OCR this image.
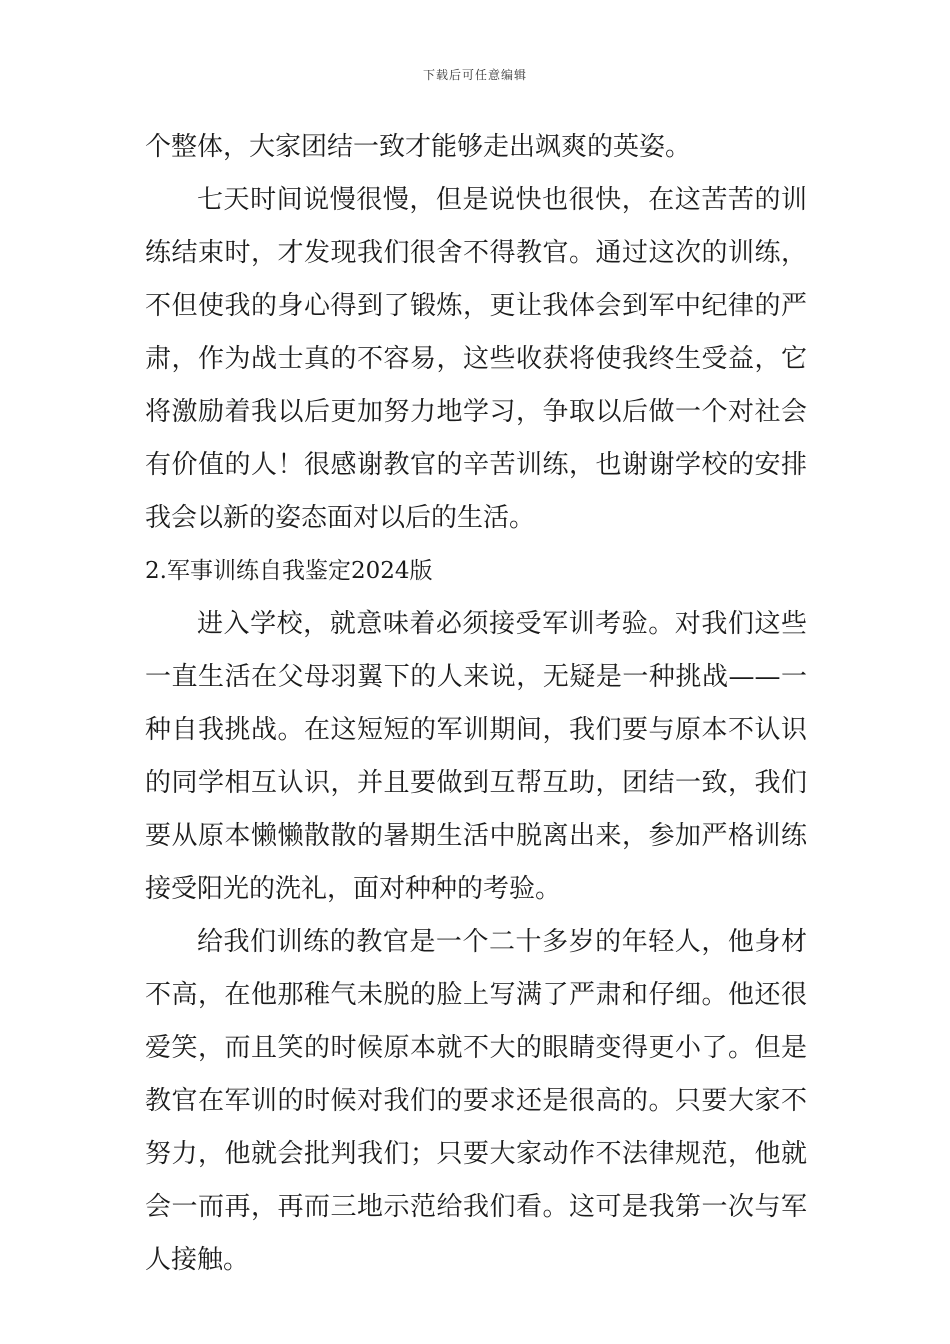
下载后可任意编辑
个整体，大家团结一致才能够走出飒爽的英姿。
七天时间说慢很慢，但是说快也很快，在这苦苦的训
练结束时，才发现我们很舍不得教官。通过这次的训练，
不但使我的身心得到了锻炼，更让我体会到军中纪律的严
肃，作为战士真的不容易，这些收获将使我终生受益，它
将激励着我以后更加努力地学习，争取以后做一个对社会
有价值的人！很感谢教官的辛苦训练，也谢谢学校的安排
我会以新的姿态面对以后的生活。
2.军事训练自我鉴定2024版
进入学校，就意味着必须接受军训考验。对我们这些
一直生活在父母羽翼下的人来说，无疑是一种挑战——一
种自我挑战。在这短短的军训期间，我们要与原本不认识
的同学相互认识，并且要做到互帮互助，团结一致，我们
要从原本懒懒散散的暑期生活中脱离出来，参加严格训练
接受阳光的洗礼，面对种种的考验。
给我们训练的教官是一个二十多岁的年轻人，他身材
不高，在他那稚气未脱的脸上写满了严肃和仔细。他还很
爱笑，而且笑的时候原本就不大的眼睛变得更小了。但是
教官在军训的时候对我们的要求还是很高的。只要大家不
努力，他就会批判我们；只要大家动作不法律规范，他就
会一而再，再而三地示范给我们看。这可是我第一次与军
人接触。
